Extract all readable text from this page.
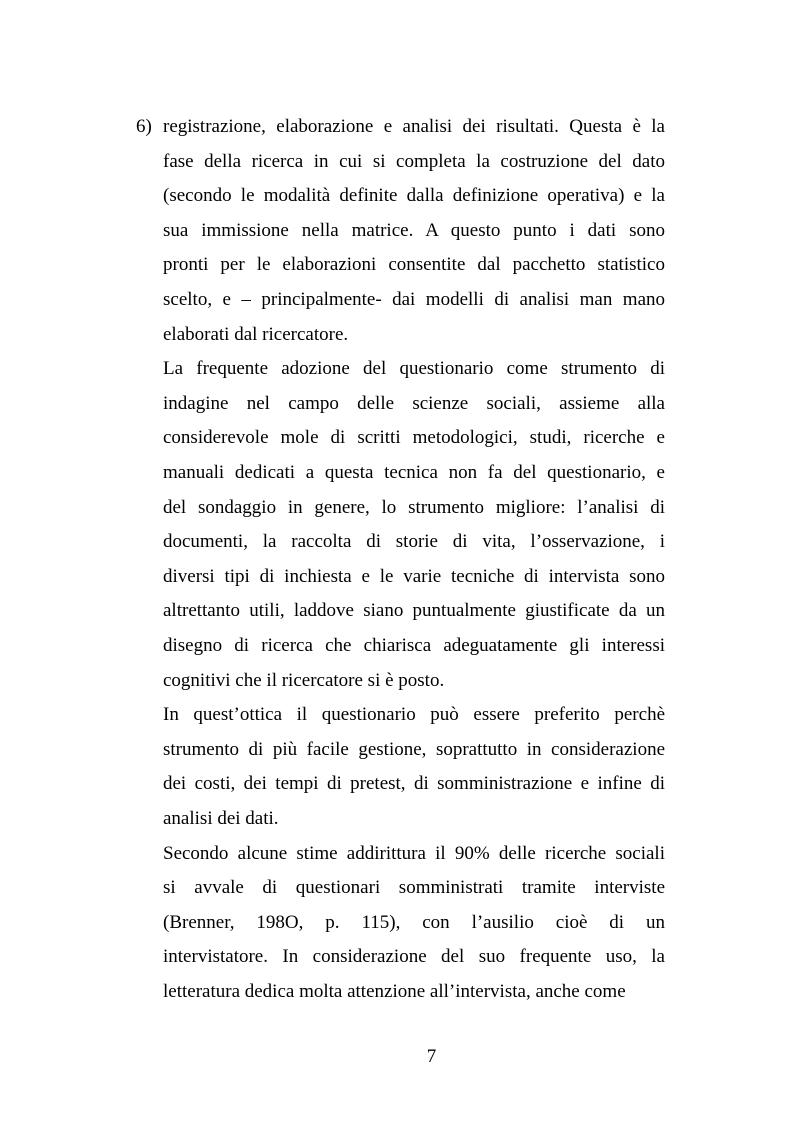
6) registrazione, elaborazione e analisi dei risultati. Questa è la
fase della ricerca in cui si completa la costruzione del dato
(secondo le modalità definite dalla definizione operativa) e la
sua immissione nella matrice. A questo punto i dati sono
pronti per le elaborazioni consentite dal pacchetto statistico
scelto, e – principalmente- dai modelli di analisi man mano
elaborati dal ricercatore.
La frequente adozione del questionario come strumento di
indagine nel campo delle scienze sociali, assieme alla
considerevole mole di scritti metodologici, studi, ricerche e
manuali dedicati a questa tecnica non fa del questionario, e
del sondaggio in genere, lo strumento migliore: l’analisi di
documenti, la raccolta di storie di vita, l’osservazione, i
diversi tipi di inchiesta e le varie tecniche di intervista sono
altrettanto utili, laddove siano puntualmente giustificate da un
disegno di ricerca che chiarisca adeguatamente gli interessi
cognitivi che il ricercatore si è posto.
In quest’ottica il questionario può essere preferito perchè
strumento di più facile gestione, soprattutto in considerazione
dei costi, dei tempi di pretest, di somministrazione e infine di
analisi dei dati.
Secondo alcune stime addirittura il 90% delle ricerche sociali
si avvale di questionari somministrati tramite interviste
(Brenner, 198O, p. 115), con l’ausilio cioè di un
intervistatore. In considerazione del suo frequente uso, la
letteratura dedica molta attenzione all’intervista, anche come
7
